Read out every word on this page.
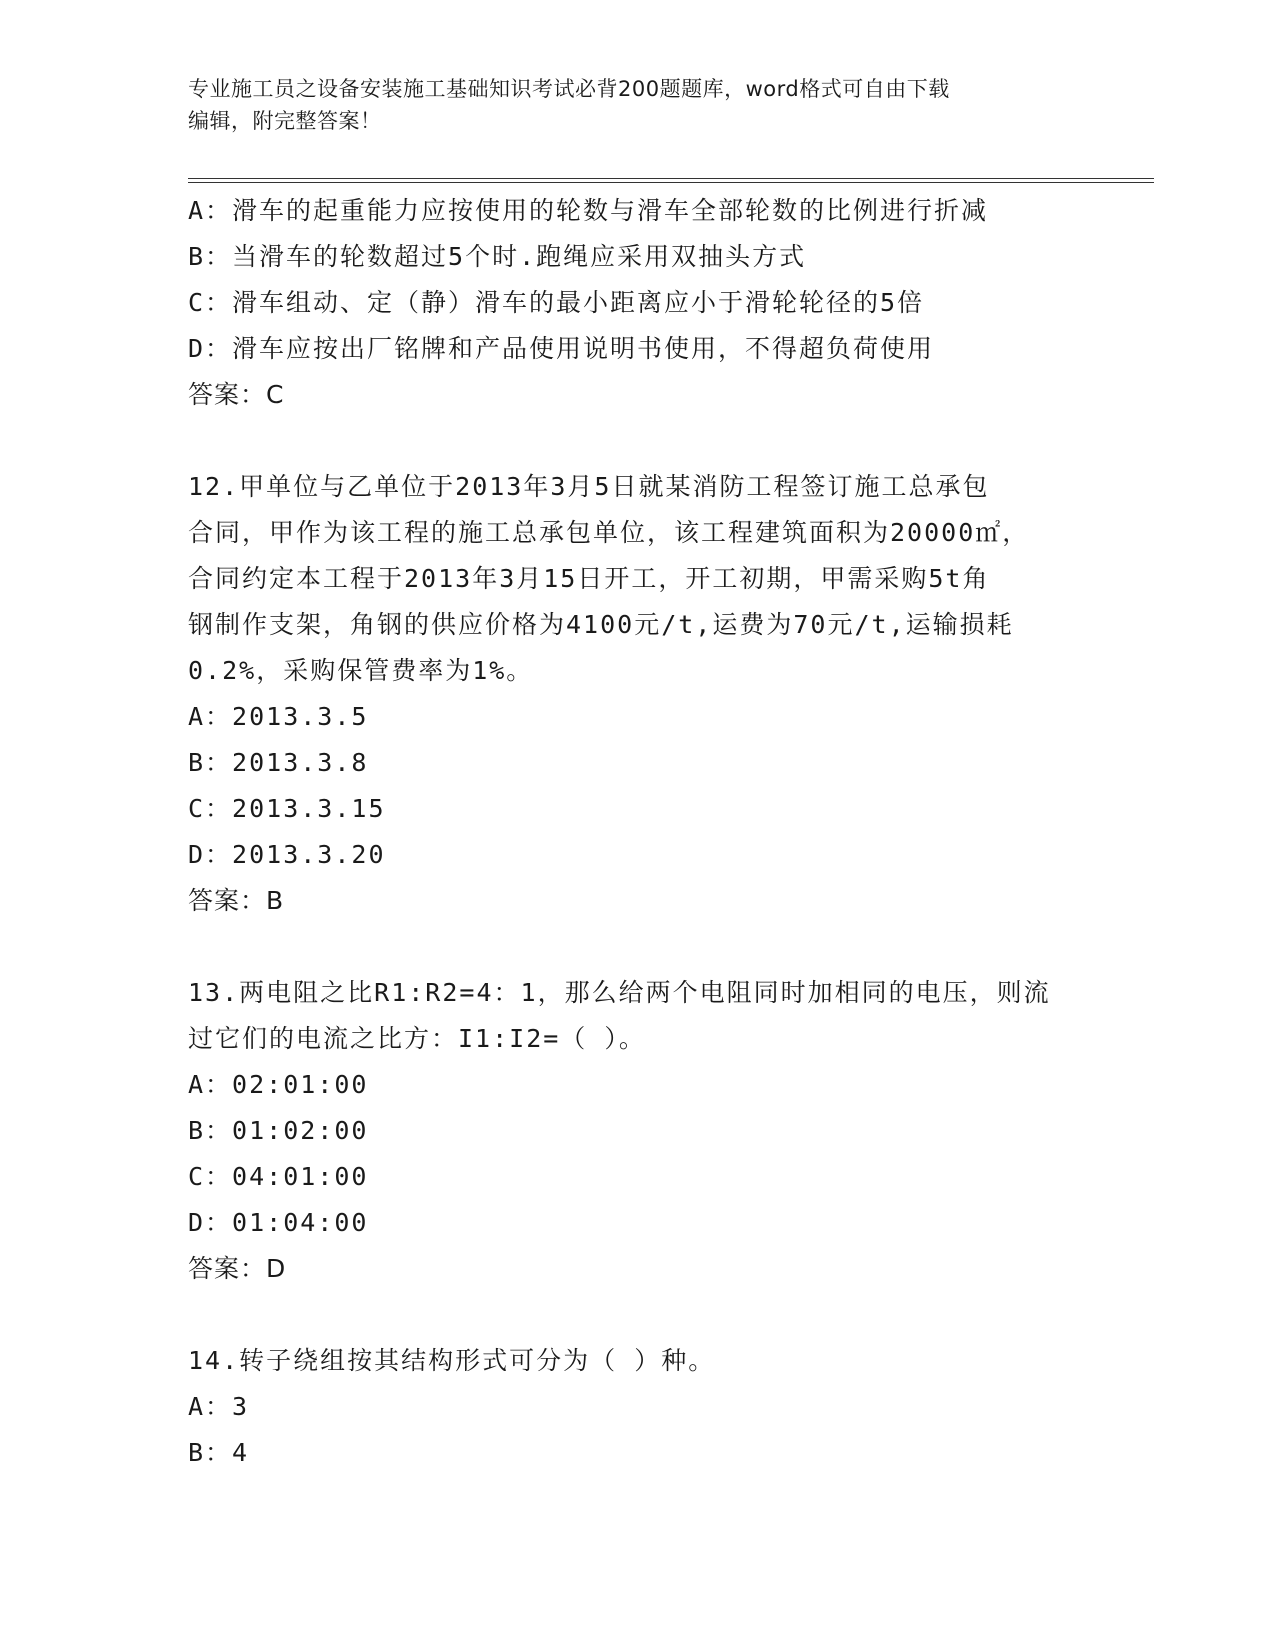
专业施工员之设备安装施工基础知识考试必背200题题库，word格式可自由下载
编辑，附完整答案！
A：滑车的起重能力应按使用的轮数与滑车全部轮数的比例进行折减
B：当滑车的轮数超过5个时.跑绳应采用双抽头方式
C：滑车组动、定（静）滑车的最小距离应小于滑轮轮径的5倍
D：滑车应按出厂铭牌和产品使用说明书使用，不得超负荷使用
答案：C
12.甲单位与乙单位于2013年3月5日就某消防工程签订施工总承包
合同，甲作为该工程的施工总承包单位，该工程建筑面积为20000㎡，
合同约定本工程于2013年3月15日开工，开工初期，甲需采购5t角
钢制作支架，角钢的供应价格为4100元/t,运费为70元/t,运输损耗
0.2%，采购保管费率为1%。
A：2013.3.5
B：2013.3.8
C：2013.3.15
D：2013.3.20
答案：B
13.两电阻之比R1:R2=4：1，那么给两个电阻同时加相同的电压，则流
过它们的电流之比方：I1:I2=（ ）。
A：02:01:00
B：01:02:00
C：04:01:00
D：01:04:00
答案：D
14.转子绕组按其结构形式可分为（ ）种。
A：3
B：4
